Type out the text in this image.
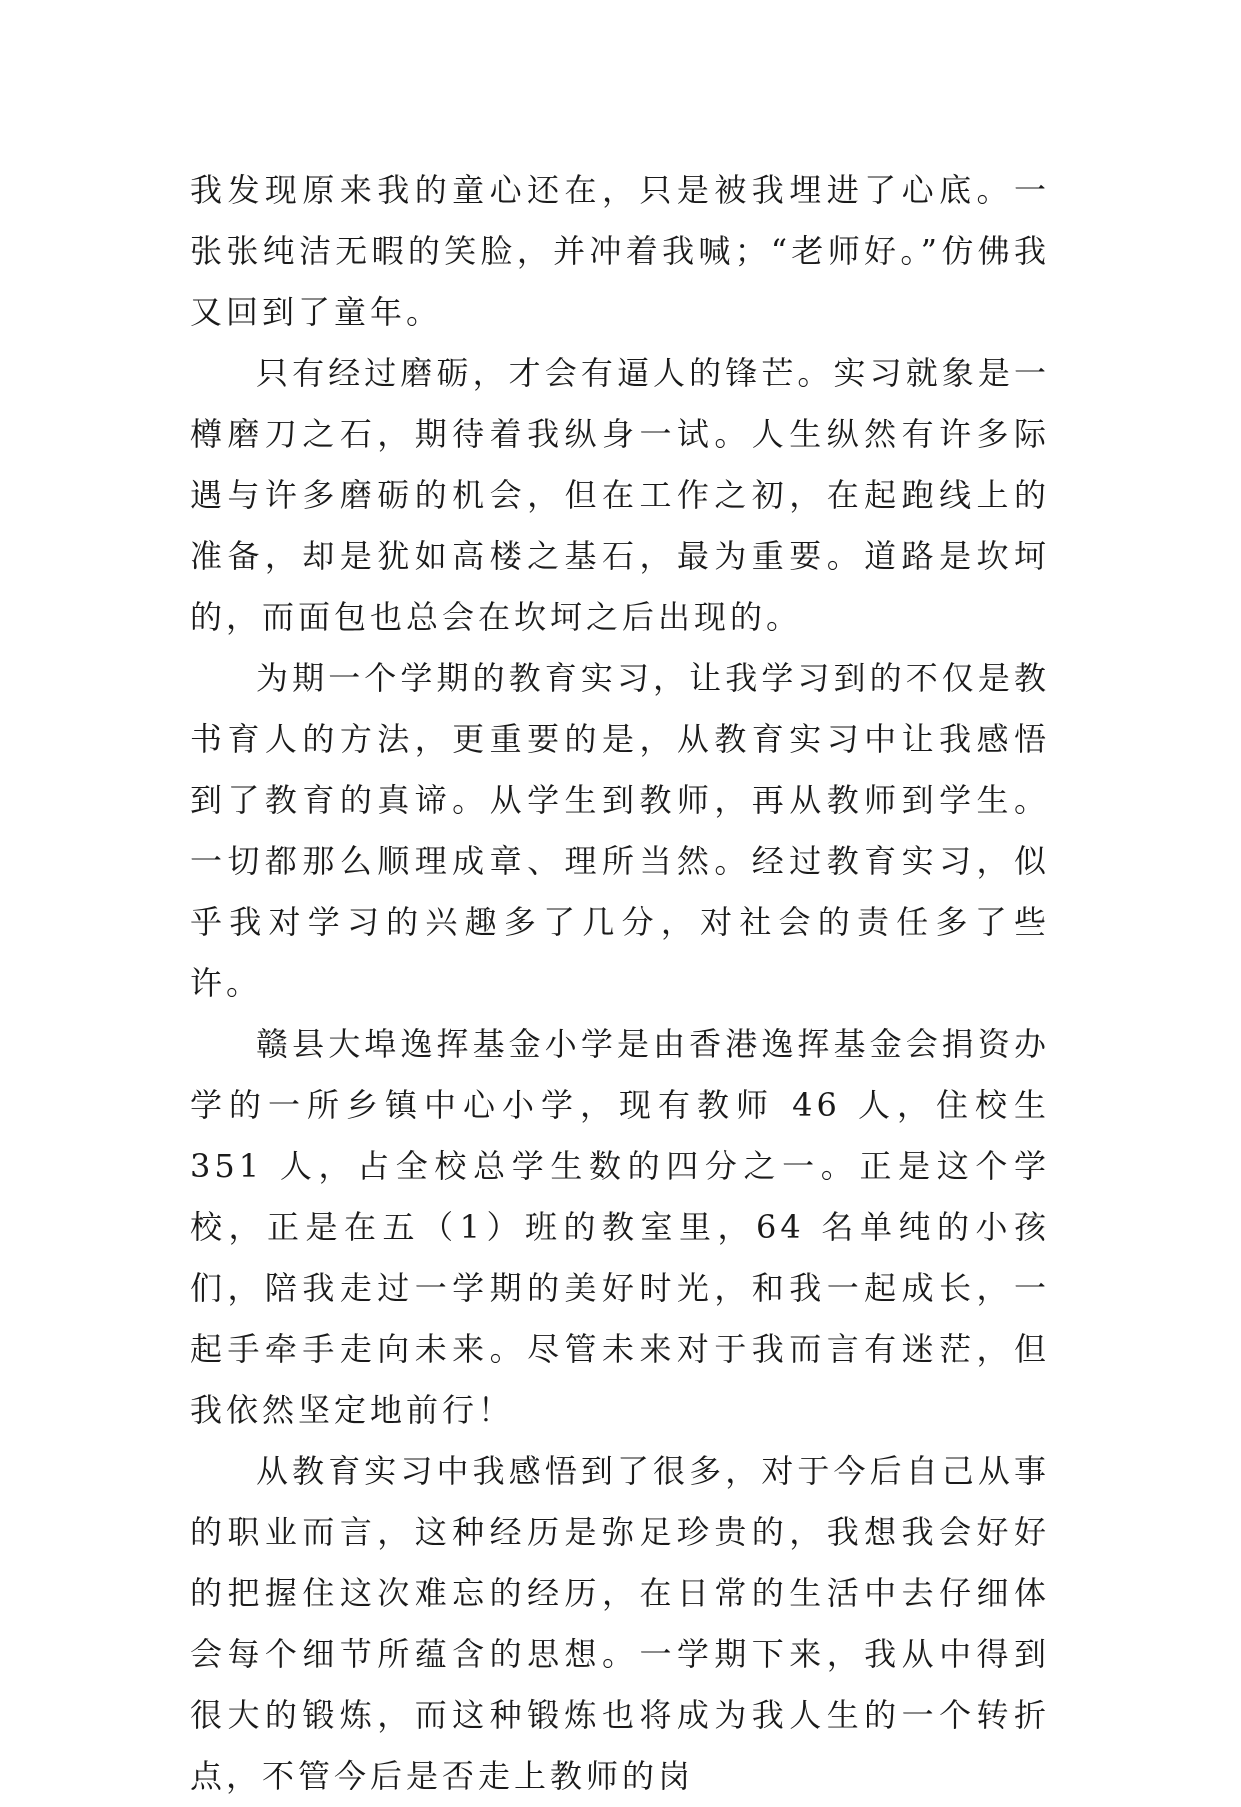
我发现原来我的童心还在，只是被我埋进了心底。一张张纯洁无暇的笑脸，并冲着我喊；“老师好。”仿佛我又回到了童年。

只有经过磨砺，才会有逼人的锋芒。实习就象是一樽磨刀之石，期待着我纵身一试。人生纵然有许多际遇与许多磨砺的机会，但在工作之初，在起跑线上的准备，却是犹如高楼之基石，最为重要。道路是坎坷的，而面包也总会在坎坷之后出现的。

为期一个学期的教育实习，让我学习到的不仅是教书育人的方法，更重要的是，从教育实习中让我感悟到了教育的真谛。从学生到教师，再从教师到学生。一切都那么顺理成章、理所当然。经过教育实习，似乎我对学习的兴趣多了几分，对社会的责任多了些许。

赣县大埠逸挥基金小学是由香港逸挥基金会捐资办学的一所乡镇中心小学，现有教师 46 人，住校生 351 人，占全校总学生数的四分之一。正是这个学校，正是在五（1）班的教室里，64 名单纯的小孩们，陪我走过一学期的美好时光，和我一起成长，一起手牵手走向未来。尽管未来对于我而言有迷茫，但我依然坚定地前行！

从教育实习中我感悟到了很多，对于今后自己从事的职业而言，这种经历是弥足珍贵的，我想我会好好的把握住这次难忘的经历，在日常的生活中去仔细体会每个细节所蕴含的思想。一学期下来，我从中得到很大的锻炼，而这种锻炼也将成为我人生的一个转折点，不管今后是否走上教师的岗
